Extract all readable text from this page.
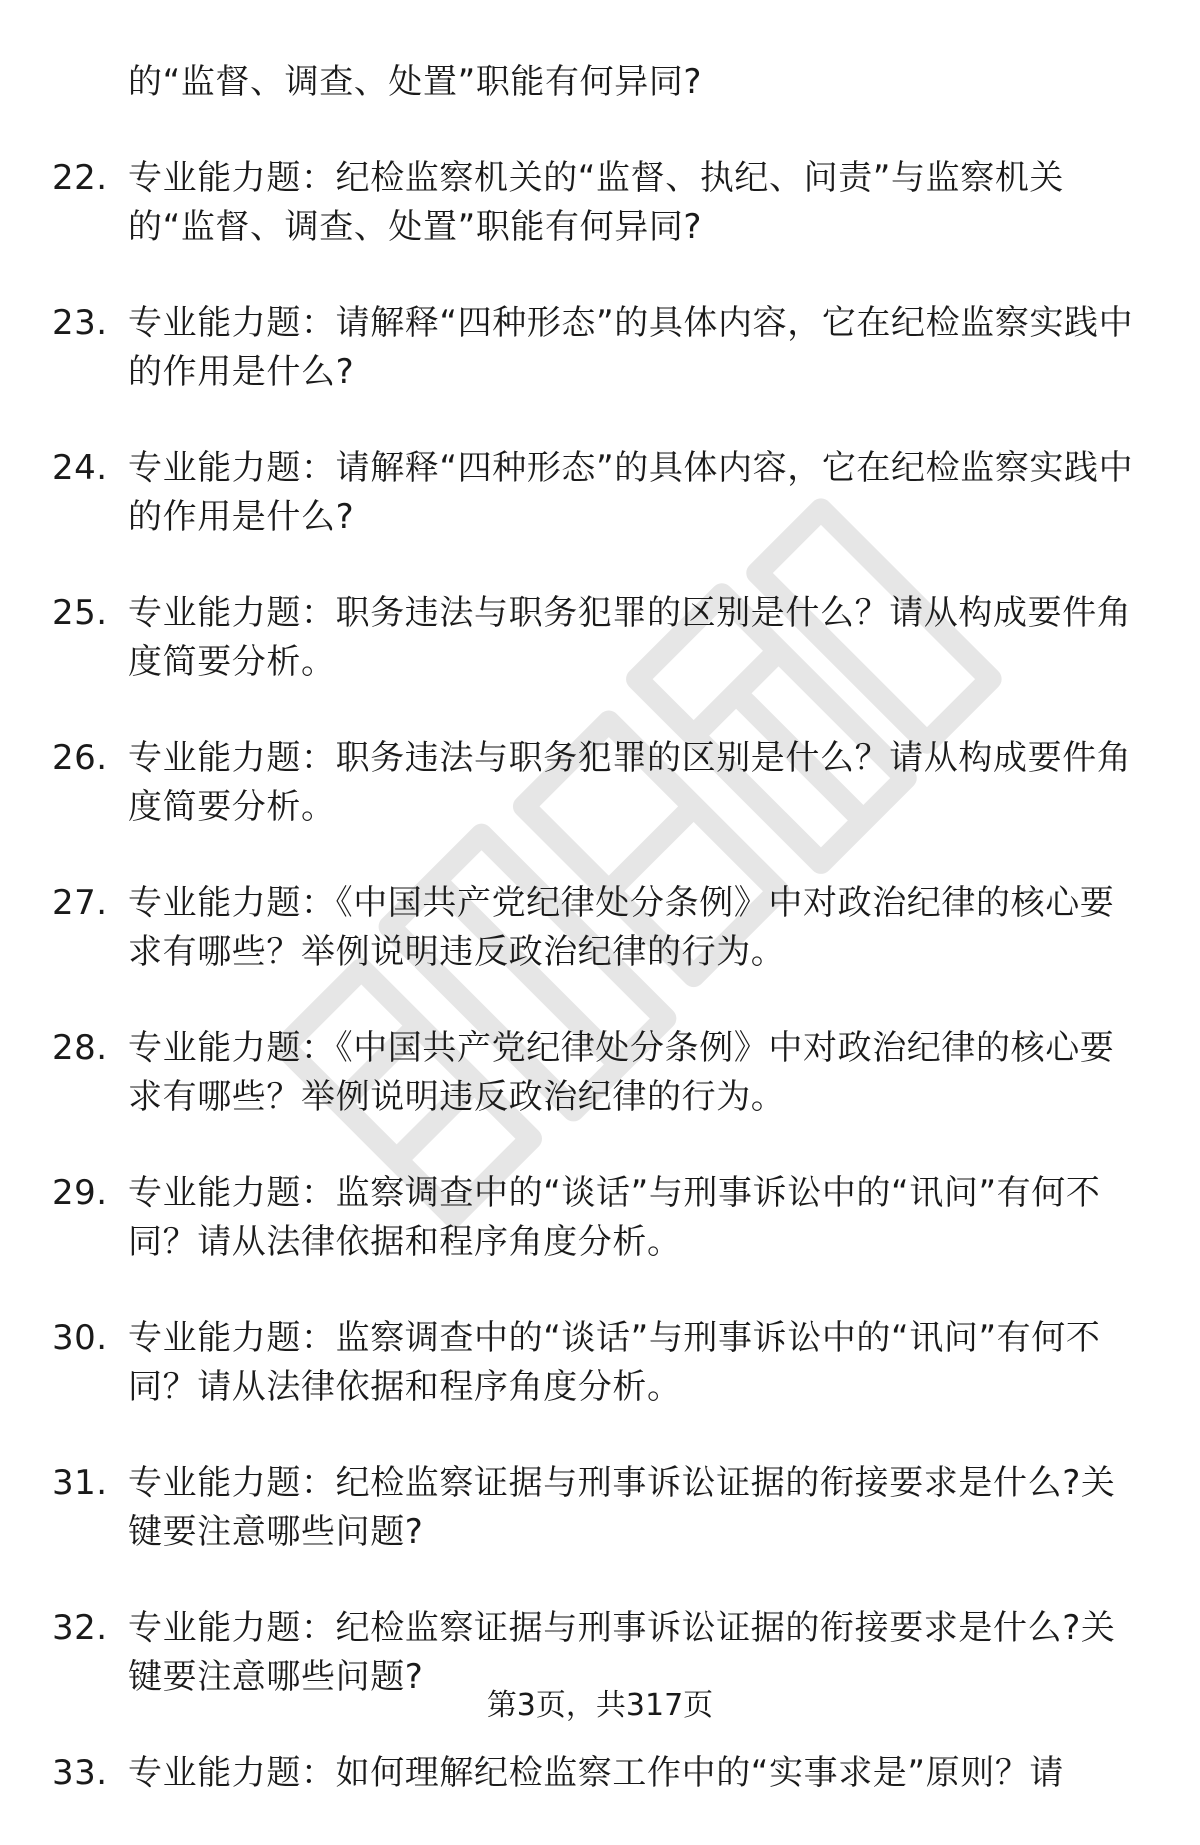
的“监督、调查、处置”职能有何异同?
22. 专业能力题：纪检监察机关的“监督、执纪、问责”与监察机关的“监督、调查、处置”职能有何异同?
23. 专业能力题：请解释“四种形态”的具体内容，它在纪检监察实践中的作用是什么?
24. 专业能力题：请解释“四种形态”的具体内容，它在纪检监察实践中的作用是什么?
25. 专业能力题：职务违法与职务犯罪的区别是什么？请从构成要件角度简要分析。
26. 专业能力题：职务违法与职务犯罪的区别是什么？请从构成要件角度简要分析。
27. 专业能力题：《中国共产党纪律处分条例》中对政治纪律的核心要求有哪些？举例说明违反政治纪律的行为。
28. 专业能力题：《中国共产党纪律处分条例》中对政治纪律的核心要求有哪些？举例说明违反政治纪律的行为。
29. 专业能力题：监察调查中的“谈话”与刑事诉讼中的“讯问”有何不同？请从法律依据和程序角度分析。
30. 专业能力题：监察调查中的“谈话”与刑事诉讼中的“讯问”有何不同？请从法律依据和程序角度分析。
31. 专业能力题：纪检监察证据与刑事诉讼证据的衔接要求是什么?关键要注意哪些问题?
32. 专业能力题：纪检监察证据与刑事诉讼证据的衔接要求是什么?关键要注意哪些问题?
33. 专业能力题：如何理解纪检监察工作中的“实事求是”原则？请
第3页，共317页
